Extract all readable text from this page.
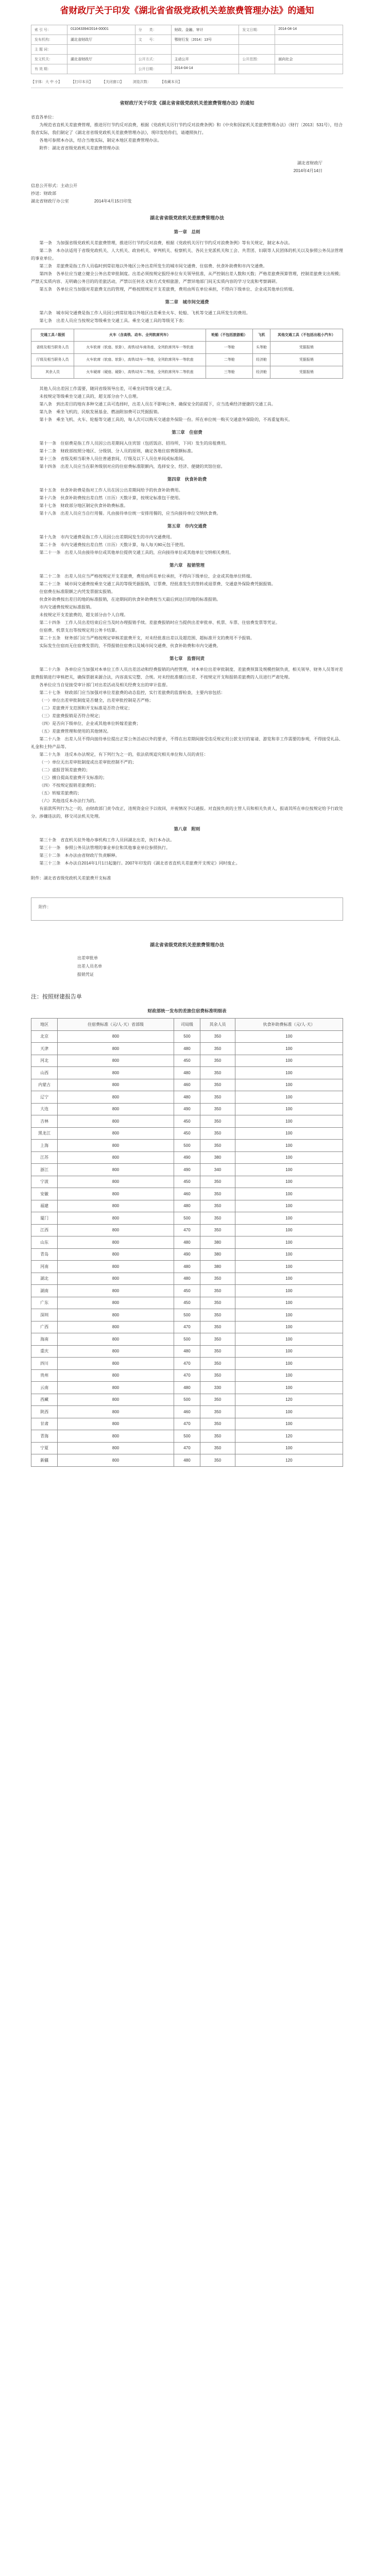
省财政厅关于印发《湖北省省级党政机关差旅费管理办法》的通知
索 引 号：	011043394/2014-00001	分　　类：	财政、金融、审计	发文日期：	2014-04-14
发布机构：	湖北省财政厅	文　　号：	鄂财行发〔2014〕13号
主 题 词：
发文机关：	湖北省财政厅	公开方式：	主动公开	公开范围：	面向社会
有 效 期：	公开日期：	2014-04-14
【字体：大 中 小】	【打印本页】	【关闭窗口】	浏览次数：	【收藏本页】
省财政厅关于印发《湖北省省级党政机关差旅费管理办法》的通知

省直各单位：

为规范省直机关差旅费管理，推进厉行节约反对浪费，根据《党政机关厉行节约反对浪费条例》和《中央和国家机关差旅费管理办法》（财行〔2013〕531号），结合我省实际，我们制定了《湖北省省级党政机关差旅费管理办法》，现印发给你们，请遵照执行。

各地可参照本办法，结合当地实际，制定本地区差旅费管理办法。

附件：湖北省省级党政机关差旅费管理办法

湖北省财政厅

2014年4月14日

信息公开形式：主动公开

抄送：财政部

湖北省财政厅办公室　　　　　　2014年4月15日印发

湖北省省级党政机关差旅费管理办法
第一章　总则

第一条　为加强省级党政机关差旅费管理，推进厉行节约反对浪费，根据《党政机关厉行节约反对浪费条例》等有关规定，制定本办法。

第二条　本办法适用于省级党政机关、人大机关、政协机关、审判机关、检察机关、各民主党派机关和工会、共青团、妇联等人民团体的机关以及参照公务员法管理的事业单位。

第三条　差旅费是指工作人员临时到常驻地以外地区公务出差所发生的城市间交通费、住宿费、伙食补助费和市内交通费。

第四条　各单位应当建立健全公务出差审批制度。出差必须按规定报经单位有关领导批准，从严控制出差人数和天数；严格差旅费预算管理，控制差旅费支出规模；严禁无实质内容、无明确公务目的的差旅活动，严禁以任何名义和方式变相旅游，严禁异地部门间无实质内容的学习交流和考察调研。

第五条　各单位应当加强对差旅费支出的管理，严格按照规定开支差旅费，费用由所在单位承担，不得向下级单位、企业或其他单位转嫁。

第二章　城市间交通费

第六条　城市间交通费是指工作人员因公到常驻地以外地区出差乘坐火车、轮船、飞机等交通工具所发生的费用。

第七条　出差人员应当按规定等级乘坐交通工具。乘坐交通工具的等级见下表：

交通工具 / 级别	火车（含高铁、动车、全列软席列车）	轮船（不包括旅游船）	飞机	其他交通工具（不包括出租小汽车）
省级及相当职务人员	火车软席（软座、软卧），高铁/动车商务座，全列软席列车一等软座	一等舱	头等舱	凭据报销
厅级及相当职务人员	火车软席（软座、软卧），高铁/动车一等座，全列软席列车一等软座	二等舱	经济舱	凭据报销
其余人员	火车硬席（硬座、硬卧），高铁/动车二等座，全列软席列车二等软座	三等舱	经济舱	凭据报销

其他人员出差因工作需要，随同省级领导出差，可乘坐同等级交通工具。

未按规定等级乘坐交通工具的，超支部分由个人自理。

第八条　到出差目的地有多种交通工具可选择时，出差人员在不影响公务、确保安全的前提下，应当选乘经济便捷的交通工具。

第九条　乘坐飞机的，民航发展基金、燃油附加费可以凭据报销。

第十条　乘坐飞机、火车、轮船等交通工具的，每人次可以购买交通意外保险一份。所在单位统一购买交通意外保险的，不再重复购买。

第三章　住宿费

第十一条　住宿费是指工作人员因公出差期间入住宾馆（包括饭店、招待所，下同）发生的房租费用。

第十二条　财政部按照分地区、分级别、分人员的原则，确定各地住宿费限额标准。

第十三条　省级及相当职务人员住普通套间，厅级及以下人员住单间或标准间。

第十四条　出差人员应当在职务级别对应的住宿费标准限额内，选择安全、经济、便捷的宾馆住宿。

第四章　伙食补助费

第十五条　伙食补助费是指对工作人员在因公出差期间给予的伙食补助费用。

第十六条　伙食补助费按出差自然（日历）天数计算，按规定标准包干使用。

第十七条　财政部分地区制定伙食补助费标准。

第十八条　出差人员应当自行用餐。凡由接待单位统一安排用餐的，应当向接待单位交纳伙食费。

第五章　市内交通费

第十九条　市内交通费是指工作人员因公出差期间发生的市内交通费用。

第二十条　市内交通费按出差自然（日历）天数计算，每人每天80元包干使用。

第二十一条　出差人员由接待单位或其他单位提供交通工具的，应向接待单位或其他单位交纳相关费用。

第六章　报销管理

第二十二条　出差人员应当严格按规定开支差旅费，费用由所在单位承担，不得向下级单位、企业或其他单位转嫁。

第二十三条　城市间交通费按乘坐交通工具的等级凭据报销，订票费、经批准发生的签转或退票费、交通意外保险费凭据报销。

住宿费在标准限额之内凭发票据实报销。

伙食补助费按出差目的地的标准报销，在途期间的伙食补助费按当天最后到达目的地的标准报销。

市内交通费按规定标准报销。

未按规定开支差旅费的，超支部分由个人自理。

第二十四条　工作人员出差结束后应当及时办理报销手续。差旅费报销时应当提供出差审批单、机票、车票、住宿费发票等凭证。

住宿费、机票支出等按规定用公务卡结算。

第二十五条　财务部门应当严格按规定审核差旅费开支，对未经批准出差以及超范围、超标准开支的费用不予报销。

实际发生住宿而无住宿费发票的，不得报销住宿费以及城市间交通费、伙食补助费和市内交通费。

第七章　监督问责

第二十六条　各单位应当加强对本单位工作人员出差活动和经费报销的内控管理，对本单位出差审批制度、差旅费预算及规模控制负责，相关领导、财务人员等对差旅费报销进行审核把关，确保票据来源合法，内容真实完整、合规。对未经批准擅自出差、不按规定开支和报销差旅费的人员进行严肃处理。

各单位应当自觉接受审计部门对出差活动及相关经费支出的审计监督。

第二十七条　财政部门应当加强对单位差旅费的动态监控，实行差旅费的监督检查，主要内容包括：

（一）单位出差审批制度是否健全，出差审批控制是否严格；

（二）差旅费开支范围和开支标准是否符合规定；

（三）差旅费报销是否符合规定；

（四）是否向下级单位、企业或其他单位转嫁差旅费；

（五）差旅费管理和使用的其他情况。

第二十八条　出差人员不得向接待单位提出正常公务活动以外的要求，不得在出差期间接受违反规定用公款支付的宴请、游览和非工作需要的参观，不得接受礼品、礼金和土特产品等。

第二十九条　违反本办法规定，有下列行为之一的，依法依规追究相关单位和人员的责任：

（一）单位无出差审批制度或出差审批控制不严的；

（二）虚报冒领差旅费的；

（三）擅自提高差旅费开支标准的；

（四）不按规定报销差旅费的；

（五）转嫁差旅费的；

（六）其他违反本办法行为的。

有前款所列行为之一的，由财政部门责令改正，违规资金应予以收回，并视情况予以通报。对直接负责的主管人员和相关负责人，报请其所在单位按规定给予行政处分。涉嫌违法的，移交司法机关处理。

第八章　附则

第三十条　省直机关驻外地办事机构工作人员回湖北出差，执行本办法。

第三十一条　参照公务员法管理的事业单位和其他事业单位参照执行。

第三十二条　本办法由省财政厅负责解释。

第三十三条　本办法自2014年1月1日起施行。2007年印发的《湖北省省直机关差旅费开支规定》同时废止。

附件：湖北省省级党政机关差旅费开支标准

附件：
湖北省省级党政机关差旅费管理办法
出差审批单
出差人员名单
报销凭证
注：按照财建报告单
财政部统一发布的差旅住宿费标准明细表
地区	住宿费标准（元/人·天）省部级	司局级	其余人员	伙食补助费标准（元/人·天）
北京	800	500	350	100
天津	800	480	350	100
河北	800	450	350	100
山西	800	480	350	100
内蒙古	800	460	350	100
辽宁	800	480	350	100
大连	800	490	350	100
吉林	800	450	350	100
黑龙江	800	450	350	100
上海	800	500	350	100
江苏	800	490	380	100
浙江	800	490	340	100
宁波	800	450	350	100
安徽	800	460	350	100
福建	800	480	350	100
厦门	800	500	350	100
江西	800	470	350	100
山东	800	480	380	100
青岛	800	490	380	100
河南	800	480	380	100
湖北	800	480	350	100
湖南	800	450	350	100
广东	800	450	350	100
深圳	800	500	350	100
广西	800	470	350	100
海南	800	500	350	100
重庆	800	480	350	100
四川	800	470	350	100
贵州	800	470	350	100
云南	800	480	330	100
西藏	800	500	350	120
陕西	800	460	350	100
甘肃	800	470	350	100
青海	800	500	350	120
宁夏	800	470	350	100
新疆	800	480	350	120
